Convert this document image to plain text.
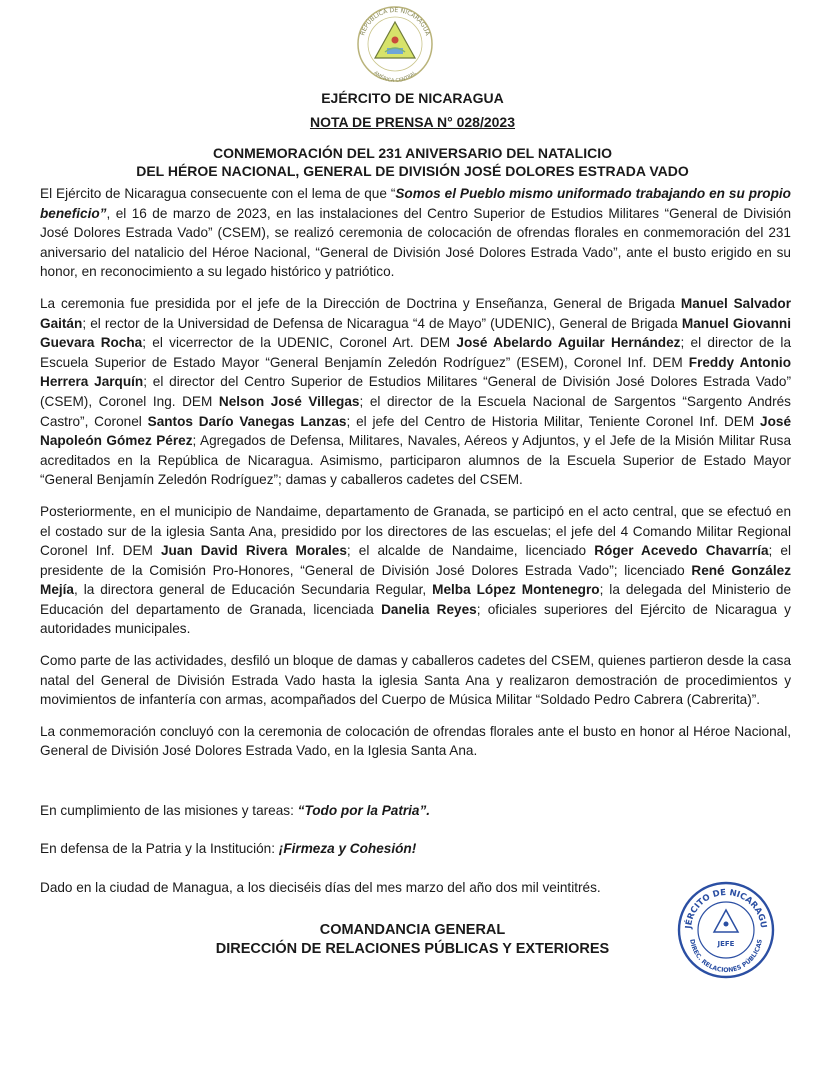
REPÚBLICA DE NICARAGUA
AMÉRICA CENTRAL
EJÉRCITO DE NICARAGUA
NOTA DE PRENSA N° 028/2023
CONMEMORACIÓN DEL 231 ANIVERSARIO DEL NATALICIO
DEL HÉROE NACIONAL, GENERAL DE DIVISIÓN JOSÉ DOLORES ESTRADA VADO

El Ejército de Nicaragua consecuente con el lema de que “Somos el Pueblo mismo uniformado trabajando en su propio beneficio”, el 16 de marzo de 2023, en las instalaciones del Centro Superior de Estudios Militares “General de División José Dolores Estrada Vado” (CSEM), se realizó ceremonia de colocación de ofrendas florales en conmemoración del 231 aniversario del natalicio del Héroe Nacional, “General de División José Dolores Estrada Vado”, ante el busto erigido en su honor, en reconocimiento a su legado histórico y patriótico.

La ceremonia fue presidida por el jefe de la Dirección de Doctrina y Enseñanza, General de Brigada Manuel Salvador Gaitán; el rector de la Universidad de Defensa de Nicaragua “4 de Mayo” (UDENIC), General de Brigada Manuel Giovanni Guevara Rocha; el vicerrector de la UDENIC, Coronel Art. DEM José Abelardo Aguilar Hernández; el director de la Escuela Superior de Estado Mayor “General Benjamín Zeledón Rodríguez” (ESEM), Coronel Inf. DEM Freddy Antonio Herrera Jarquín; el director del Centro Superior de Estudios Militares “General de División José Dolores Estrada Vado” (CSEM), Coronel Ing. DEM Nelson José Villegas; el director de la Escuela Nacional de Sargentos “Sargento Andrés Castro”, Coronel Santos Darío Vanegas Lanzas; el jefe del Centro de Historia Militar, Teniente Coronel Inf. DEM José Napoleón Gómez Pérez; Agregados de Defensa, Militares, Navales, Aéreos y Adjuntos, y el Jefe de la Misión Militar Rusa acreditados en la República de Nicaragua. Asimismo, participaron alumnos de la Escuela Superior de Estado Mayor “General Benjamín Zeledón Rodríguez”; damas y caballeros cadetes del CSEM.

Posteriormente, en el municipio de Nandaime, departamento de Granada, se participó en el acto central, que se efectuó en el costado sur de la iglesia Santa Ana, presidido por los directores de las escuelas; el jefe del 4 Comando Militar Regional Coronel Inf. DEM Juan David Rivera Morales; el alcalde de Nandaime, licenciado Róger Acevedo Chavarría; el presidente de la Comisión Pro-Honores, “General de División José Dolores Estrada Vado”; licenciado René González Mejía, la directora general de Educación Secundaria Regular, Melba López Montenegro; la delegada del Ministerio de Educación del departamento de Granada, licenciada Danelia Reyes; oficiales superiores del Ejército de Nicaragua y autoridades municipales.

Como parte de las actividades, desfiló un bloque de damas y caballeros cadetes del CSEM, quienes partieron desde la casa natal del General de División Estrada Vado hasta la iglesia Santa Ana y realizaron demostración de procedimientos y movimientos de infantería con armas, acompañados del Cuerpo de Música Militar “Soldado Pedro Cabrera (Cabrerita)”.

La conmemoración concluyó con la ceremonia de colocación de ofrendas florales ante el busto en honor al Héroe Nacional, General de División José Dolores Estrada Vado, en la Iglesia Santa Ana.

En cumplimiento de las misiones y tareas: “Todo por la Patria”.
En defensa de la Patria y la Institución: ¡Firmeza y Cohesión!
Dado en la ciudad de Managua, a los dieciséis días del mes marzo del año dos mil veintitrés.
COMANDANCIA GENERAL
DIRECCIÓN DE RELACIONES PÚBLICAS Y EXTERIORES
JÉRCITO DE NICARAGU
DIREC. RELACIONES PÚBLICAS
JEFE
